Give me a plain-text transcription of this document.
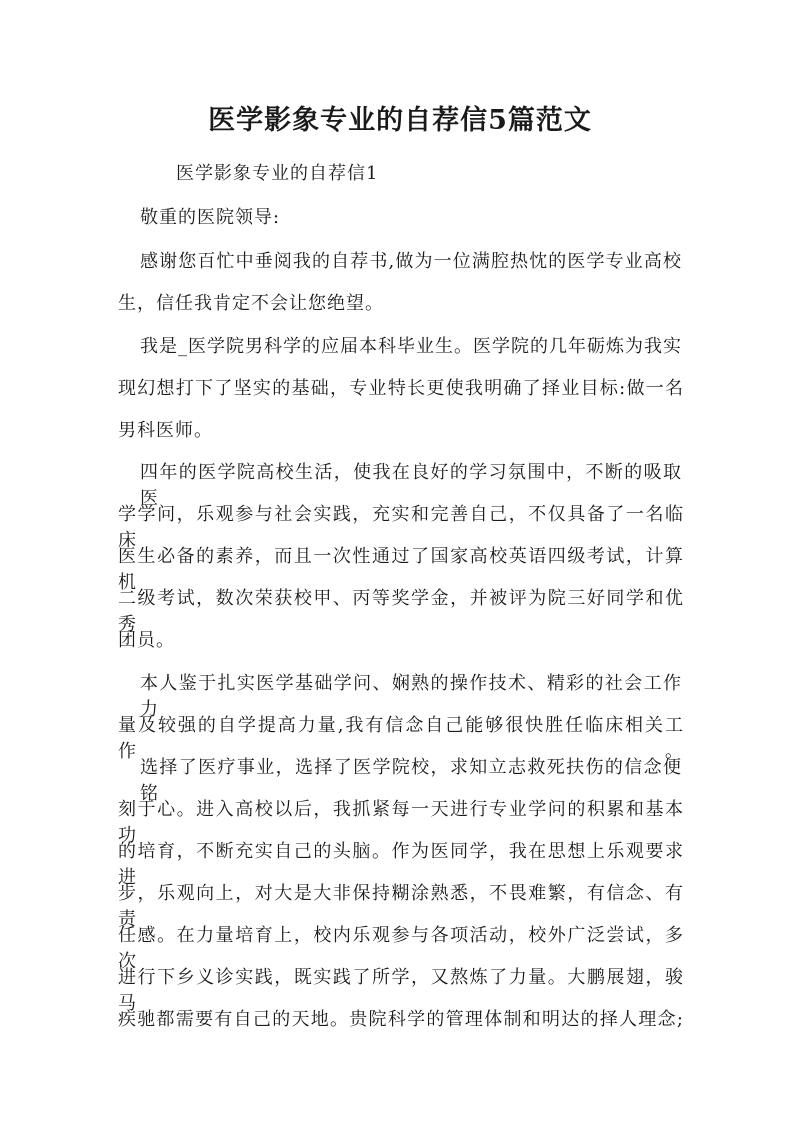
医学影象专业的自荐信5篇范文

医学影象专业的自荐信1

敬重的医院领导:

感谢您百忙中垂阅我的自荐书,做为一位满腔热忱的医学专业高校

生，信任我肯定不会让您绝望。

我是_医学院男科学的应届本科毕业生。医学院的几年砺炼为我实

现幻想打下了坚实的基础，专业特长更使我明确了择业目标:做一名

男科医师。

四年的医学院高校生活，使我在良好的学习氛围中，不断的吸取医

学学问，乐观参与社会实践，充实和完善自己，不仅具备了一名临床

医生必备的素养，而且一次性通过了国家高校英语四级考试，计算机

二级考试，数次荣获校甲、丙等奖学金，并被评为院三好同学和优秀

团员。

本人鉴于扎实医学基础学问、娴熟的操作技术、精彩的社会工作力

量及较强的自学提高力量,我有信念自己能够很快胜任临床相关工作。

选择了医疗事业，选择了医学院校，求知立志救死扶伤的信念便铭

刻于心。进入高校以后，我抓紧每一天进行专业学问的积累和基本功

的培育，不断充实自己的头脑。作为医同学，我在思想上乐观要求进

步，乐观向上，对大是大非保持糊涂熟悉，不畏难繁，有信念、有责

任感。在力量培育上，校内乐观参与各项活动，校外广泛尝试，多次

进行下乡义诊实践，既实践了所学，又熬炼了力量。大鹏展翅，骏马

疾驰都需要有自己的天地。贵院科学的管理体制和明达的择人理念;
